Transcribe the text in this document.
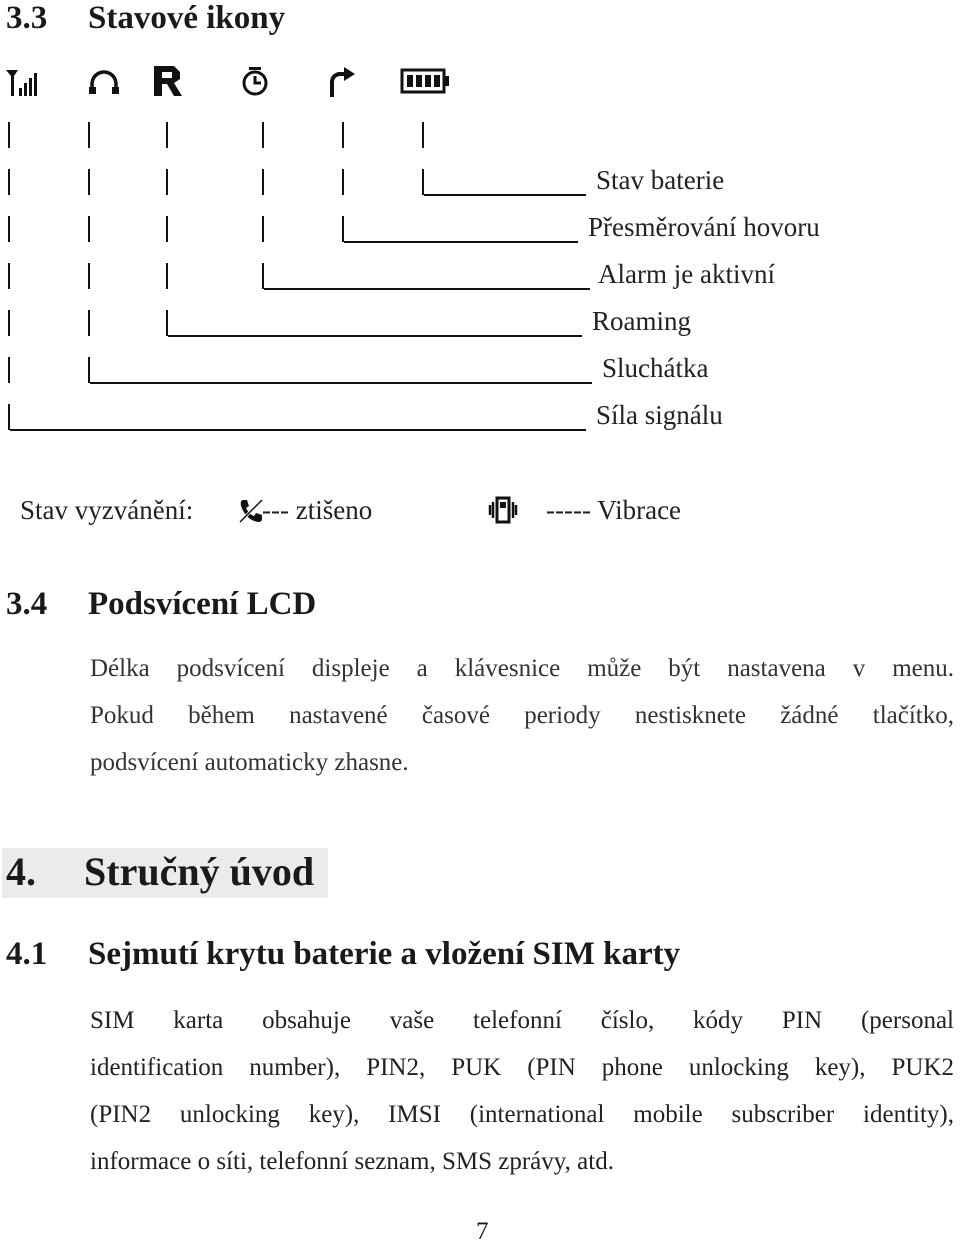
3.3 Stavové ikony
Stav baterie
Přesměrování hovoru
Alarm je aktivní
Roaming
Sluchátka
Síla signálu
Stav vyzvánění:	--- ztišeno	----- Vibrace
3.4 Podsvícení LCD
Délka podsvícení displeje a klávesnice může být nastavena v menu.
Pokud během nastavené časové periody nestisknete žádné tlačítko,
podsvícení automaticky zhasne.
4. Stručný úvod
4.1 Sejmutí krytu baterie a vložení SIM karty
SIM karta obsahuje vaše telefonní číslo, kódy PIN (personal
identification number), PIN2, PUK (PIN phone unlocking key), PUK2
(PIN2 unlocking key), IMSI (international mobile subscriber identity),
informace o síti, telefonní seznam, SMS zprávy, atd.
7
